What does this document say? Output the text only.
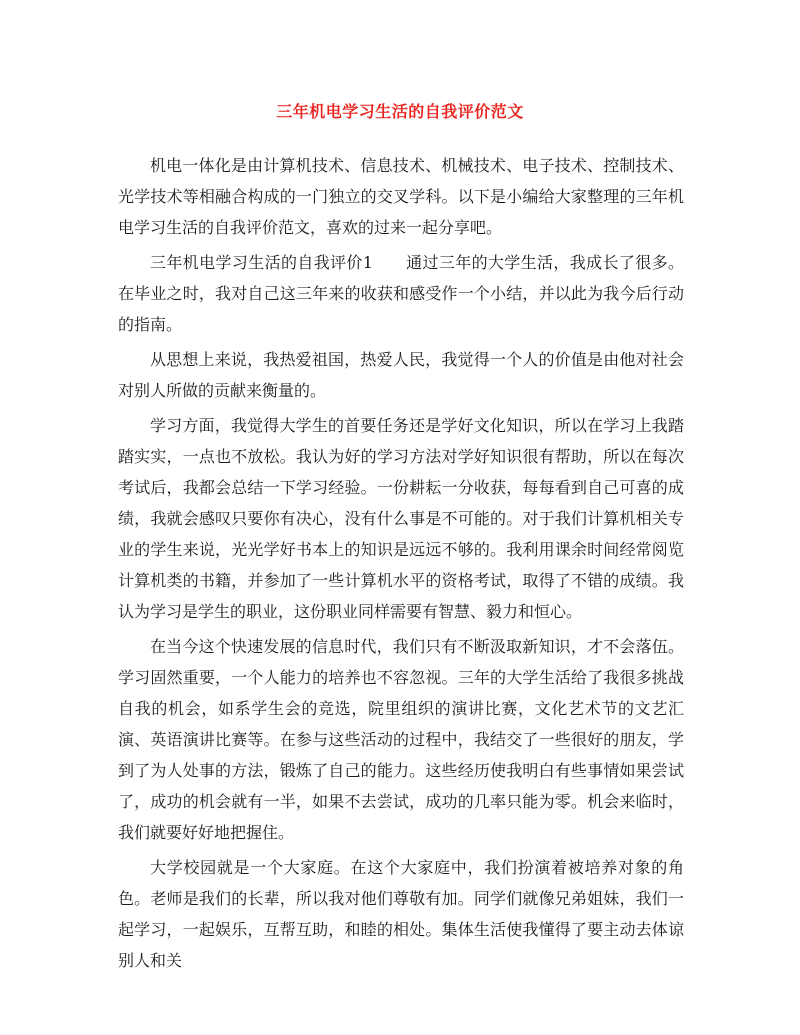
三年机电学习生活的自我评价范文

机电一体化是由计算机技术、信息技术、机械技术、电子技术、控制技术、光学技术等相融合构成的一门独立的交叉学科。以下是小编给大家整理的三年机电学习生活的自我评价范文，喜欢的过来一起分享吧。

三年机电学习生活的自我评价1　　通过三年的大学生活，我成长了很多。在毕业之时，我对自己这三年来的收获和感受作一个小结，并以此为我今后行动的指南。

从思想上来说，我热爱祖国，热爱人民，我觉得一个人的价值是由他对社会对别人所做的贡献来衡量的。

学习方面，我觉得大学生的首要任务还是学好文化知识，所以在学习上我踏踏实实，一点也不放松。我认为好的学习方法对学好知识很有帮助，所以在每次考试后，我都会总结一下学习经验。一份耕耘一分收获，每每看到自己可喜的成绩，我就会感叹只要你有决心，没有什么事是不可能的。对于我们计算机相关专业的学生来说，光光学好书本上的知识是远远不够的。我利用课余时间经常阅览计算机类的书籍，并参加了一些计算机水平的资格考试，取得了不错的成绩。我认为学习是学生的职业，这份职业同样需要有智慧、毅力和恒心。

在当今这个快速发展的信息时代，我们只有不断汲取新知识，才不会落伍。学习固然重要，一个人能力的培养也不容忽视。三年的大学生活给了我很多挑战自我的机会，如系学生会的竞选，院里组织的演讲比赛，文化艺术节的文艺汇演、英语演讲比赛等。在参与这些活动的过程中，我结交了一些很好的朋友，学到了为人处事的方法，锻炼了自己的能力。这些经历使我明白有些事情如果尝试了，成功的机会就有一半，如果不去尝试，成功的几率只能为零。机会来临时，我们就要好好地把握住。

大学校园就是一个大家庭。在这个大家庭中，我们扮演着被培养对象的角色。老师是我们的长辈，所以我对他们尊敬有加。同学们就像兄弟姐妹，我们一起学习，一起娱乐，互帮互助，和睦的相处。集体生活使我懂得了要主动去体谅别人和关
